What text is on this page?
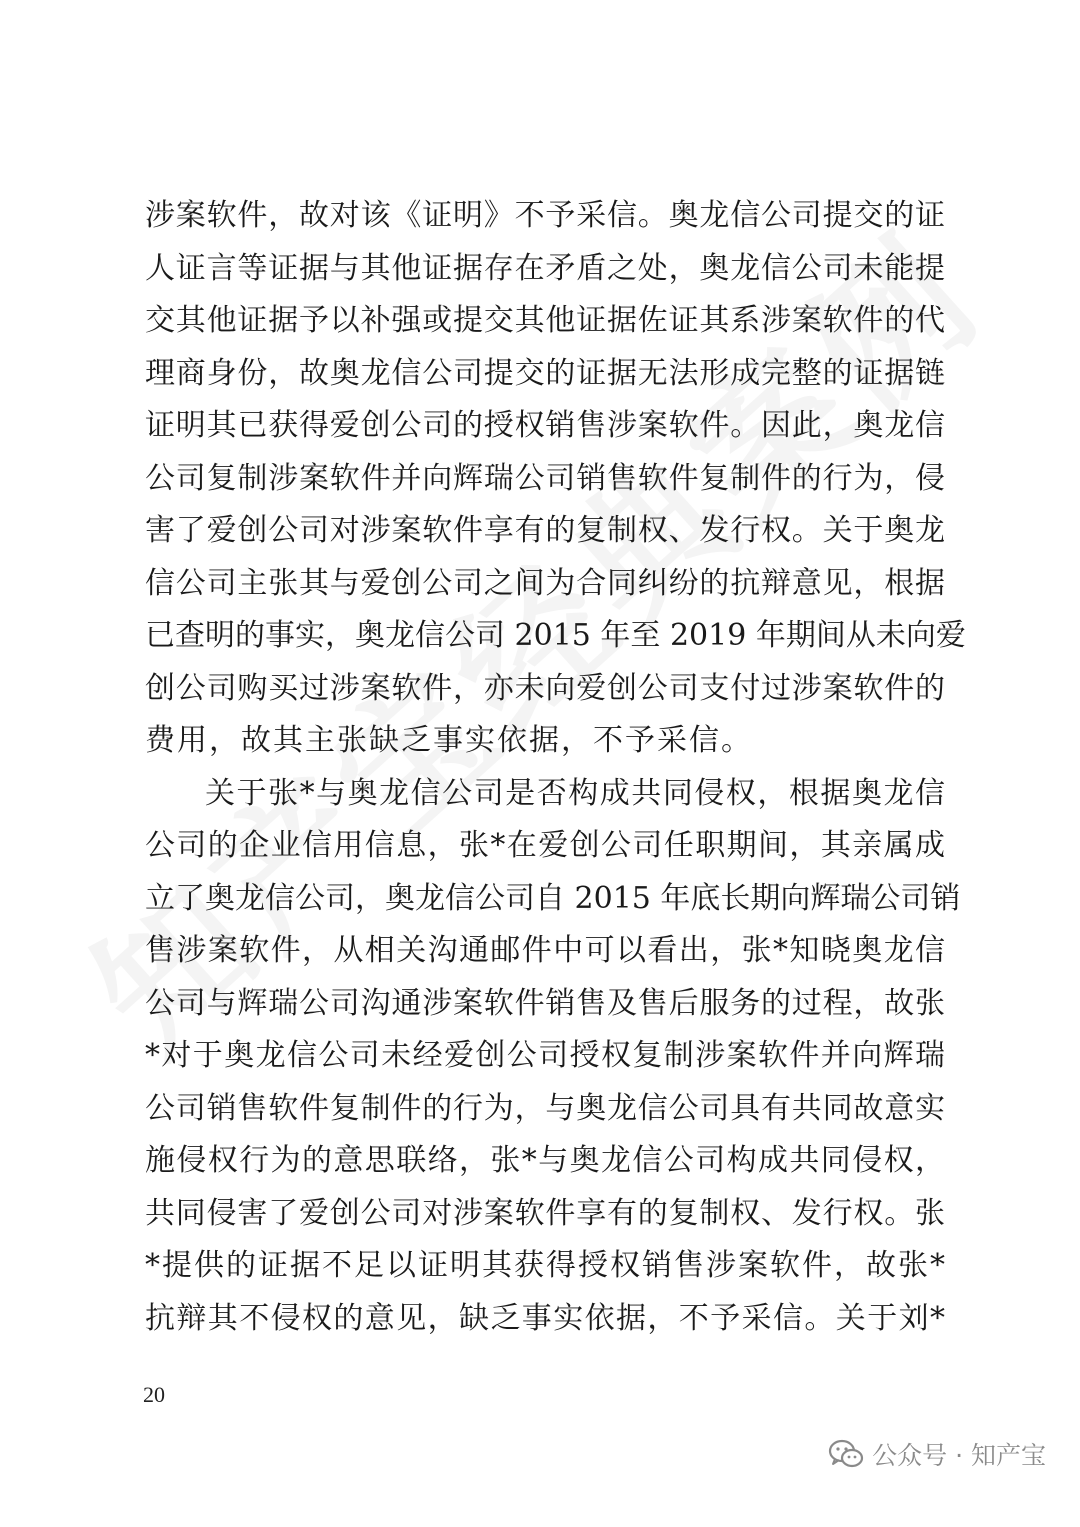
涉案软件，故对该《证明》不予采信。奥龙信公司提交的证
人证言等证据与其他证据存在矛盾之处，奥龙信公司未能提
交其他证据予以补强或提交其他证据佐证其系涉案软件的代
理商身份，故奥龙信公司提交的证据无法形成完整的证据链
证明其已获得爱创公司的授权销售涉案软件。因此，奥龙信
公司复制涉案软件并向辉瑞公司销售软件复制件的行为，侵
害了爱创公司对涉案软件享有的复制权、发行权。关于奥龙
信公司主张其与爱创公司之间为合同纠纷的抗辩意见，根据
已查明的事实，奥龙信公司 2015 年至 2019 年期间从未向爱
创公司购买过涉案软件，亦未向爱创公司支付过涉案软件的
费用，故其主张缺乏事实依据，不予采信。
关于张*与奥龙信公司是否构成共同侵权，根据奥龙信
公司的企业信用信息，张*在爱创公司任职期间，其亲属成
立了奥龙信公司，奥龙信公司自 2015 年底长期向辉瑞公司销
售涉案软件，从相关沟通邮件中可以看出，张*知晓奥龙信
公司与辉瑞公司沟通涉案软件销售及售后服务的过程，故张
*对于奥龙信公司未经爱创公司授权复制涉案软件并向辉瑞
公司销售软件复制件的行为，与奥龙信公司具有共同故意实
施侵权行为的意思联络，张*与奥龙信公司构成共同侵权，
共同侵害了爱创公司对涉案软件享有的复制权、发行权。张
*提供的证据不足以证明其获得授权销售涉案软件，故张*
抗辩其不侵权的意见，缺乏事实依据，不予采信。关于刘*
20
公众号 · 知产宝
